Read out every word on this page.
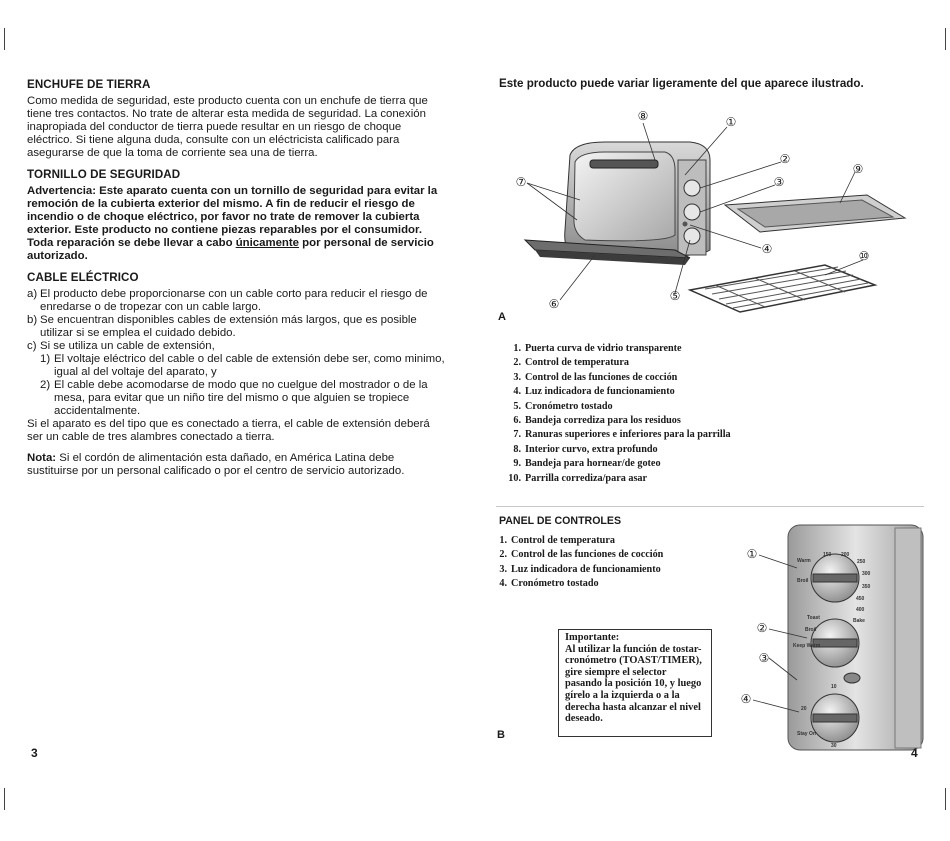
ENCHUFE DE TIERRA
Como medida de seguridad, este producto cuenta con un enchufe de tierra que tiene tres contactos. No trate de alterar esta medida de seguridad. La conexión inapropiada del conductor de tierra puede resultar en un riesgo de choque eléctrico. Si tiene alguna duda, consulte con un eléctricista calificado para asegurarse de que la toma de corriente sea una de tierra.
TORNILLO DE SEGURIDAD
Advertencia: Este aparato cuenta con un tornillo de seguridad para evitar la remoción de la cubierta exterior del mismo. A fin de reducir el riesgo de incendio o de choque eléctrico, por favor no trate de remover la cubierta exterior. Este producto no contiene piezas reparables por el consumidor. Toda reparación se debe llevar a cabo únicamente por personal de servicio autorizado.
CABLE ELÉCTRICO
a) El producto debe proporcionarse con un cable corto para reducir el riesgo de enredarse o de tropezar con un cable largo.
b) Se encuentran disponibles cables de extensión más largos, que es posible utilizar si se emplea el cuidado debido.
c) Si se utiliza un cable de extensión,
1) El voltaje eléctrico del cable o del cable de extensión debe ser, como minimo, igual al del voltaje del aparato, y
2) El cable debe acomodarse de modo que no cuelgue del mostrador o de la mesa, para evitar que un niño tire del mismo o que alguien se tropiece accidentalmente.
Si el aparato es del tipo que es conectado a tierra, el cable de extensión deberá ser un cable de tres alambres conectado a tierra.
Nota: Si el cordón de alimentación esta dañado, en América Latina debe sustituirse por un personal calificado o por el centro de servicio autorizado.
3
Este producto puede variar ligeramente del que aparece ilustrado.
⑧	①
②
⑨
⑦	③
④	⑩
⑤
⑥
A
1. Puerta curva de vidrio transparente
2. Control de temperatura
3. Control de las funciones de cocción
4. Luz indicadora de funcionamiento
5. Cronómetro tostado
6. Bandeja corrediza para los residuos
7. Ranuras superiores e inferiores para la parrilla
8. Interior curvo, extra profundo
9. Bandeja para hornear/de goteo
10. Parrilla corrediza/para asar
PANEL DE CONTROLES
1. Control de temperatura
2. Control de las funciones de cocción
3. Luz indicadora de funcionamiento
4. Cronómetro tostado
Importante:
Al utilizar la función de tostar-cronómetro (TOAST/TIMER), gire siempre el selector pasando la posición 10, y luego gírelo a la izquierda o a la derecha hasta alcanzar el nivel deseado.
Warm
150 200
250
300
350
400
450
Broil
Toast	Bake
Broil
Keep Warm
10
20
30
Stay On
①
②
③
④
B
4
